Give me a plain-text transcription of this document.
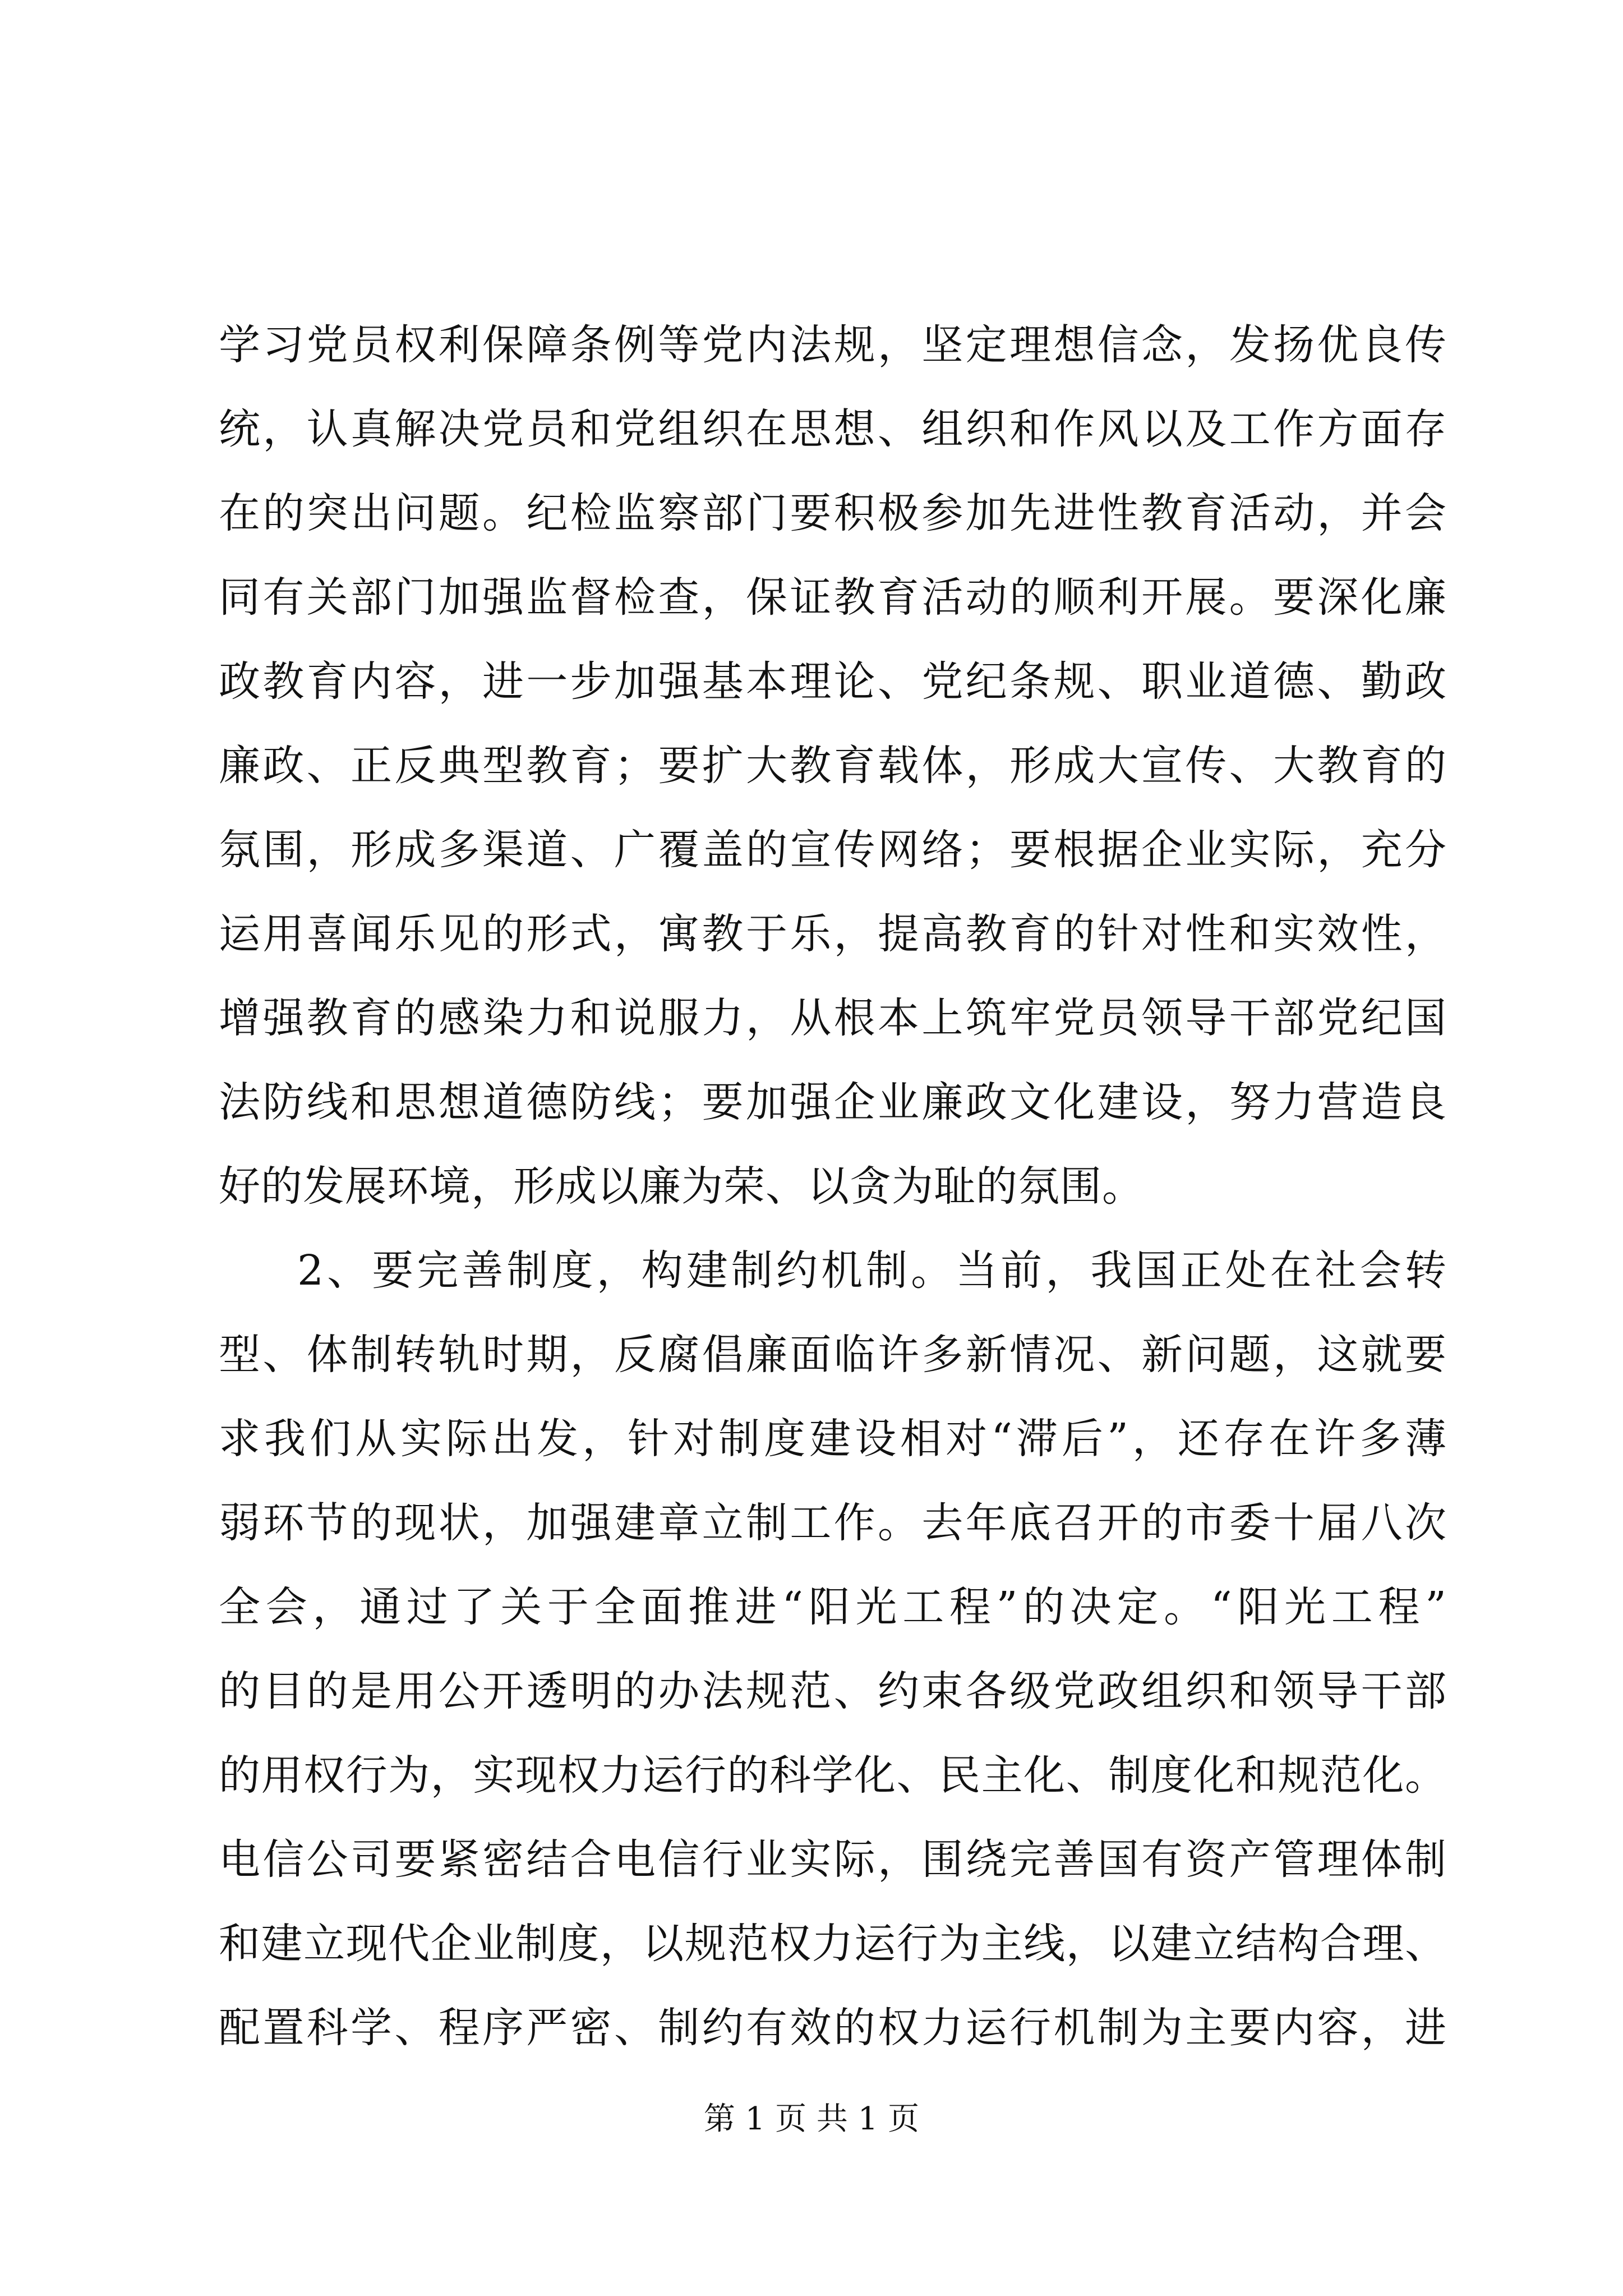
学习党员权利保障条例等党内法规，坚定理想信念，发扬优良传
统，认真解决党员和党组织在思想、组织和作风以及工作方面存
在的突出问题。纪检监察部门要积极参加先进性教育活动，并会
同有关部门加强监督检查，保证教育活动的顺利开展。要深化廉
政教育内容，进一步加强基本理论、党纪条规、职业道德、勤政
廉政、正反典型教育；要扩大教育载体，形成大宣传、大教育的
氛围，形成多渠道、广覆盖的宣传网络；要根据企业实际，充分
运用喜闻乐见的形式，寓教于乐，提高教育的针对性和实效性，
增强教育的感染力和说服力，从根本上筑牢党员领导干部党纪国
法防线和思想道德防线；要加强企业廉政文化建设，努力营造良
好的发展环境，形成以廉为荣、以贪为耻的氛围。
2、要完善制度，构建制约机制。当前，我国正处在社会转
型、体制转轨时期，反腐倡廉面临许多新情况、新问题，这就要
求我们从实际出发，针对制度建设相对“滞后”，还存在许多薄
弱环节的现状，加强建章立制工作。去年底召开的市委十届八次
全会，通过了关于全面推进“阳光工程”的决定。“阳光工程”
的目的是用公开透明的办法规范、约束各级党政组织和领导干部
的用权行为，实现权力运行的科学化、民主化、制度化和规范化。
电信公司要紧密结合电信行业实际，围绕完善国有资产管理体制
和建立现代企业制度，以规范权力运行为主线，以建立结构合理、
配置科学、程序严密、制约有效的权力运行机制为主要内容，进
第 1 页 共 1 页
